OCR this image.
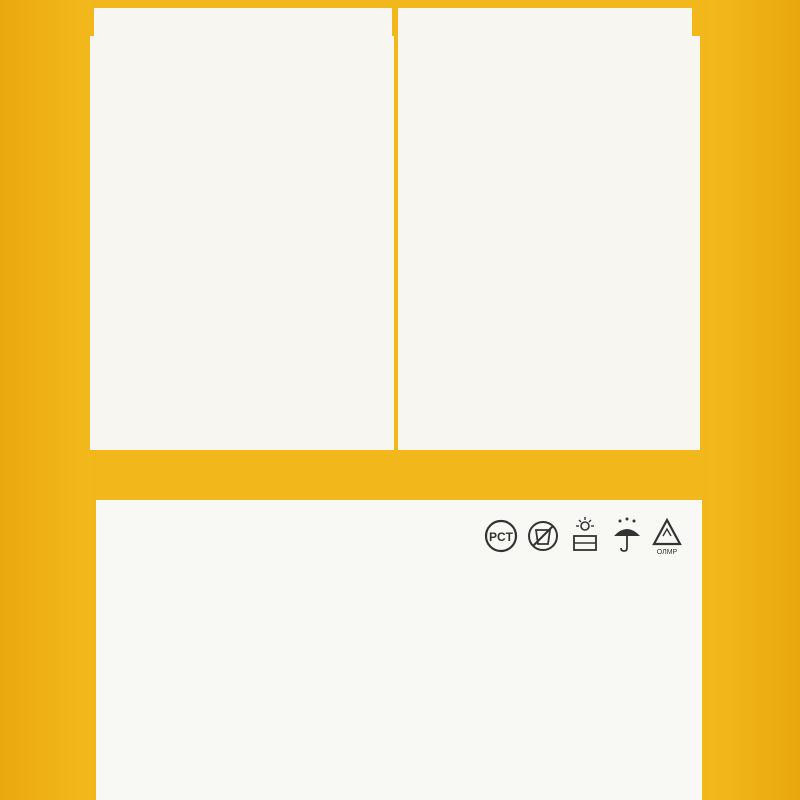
PCT
ОЛМР
